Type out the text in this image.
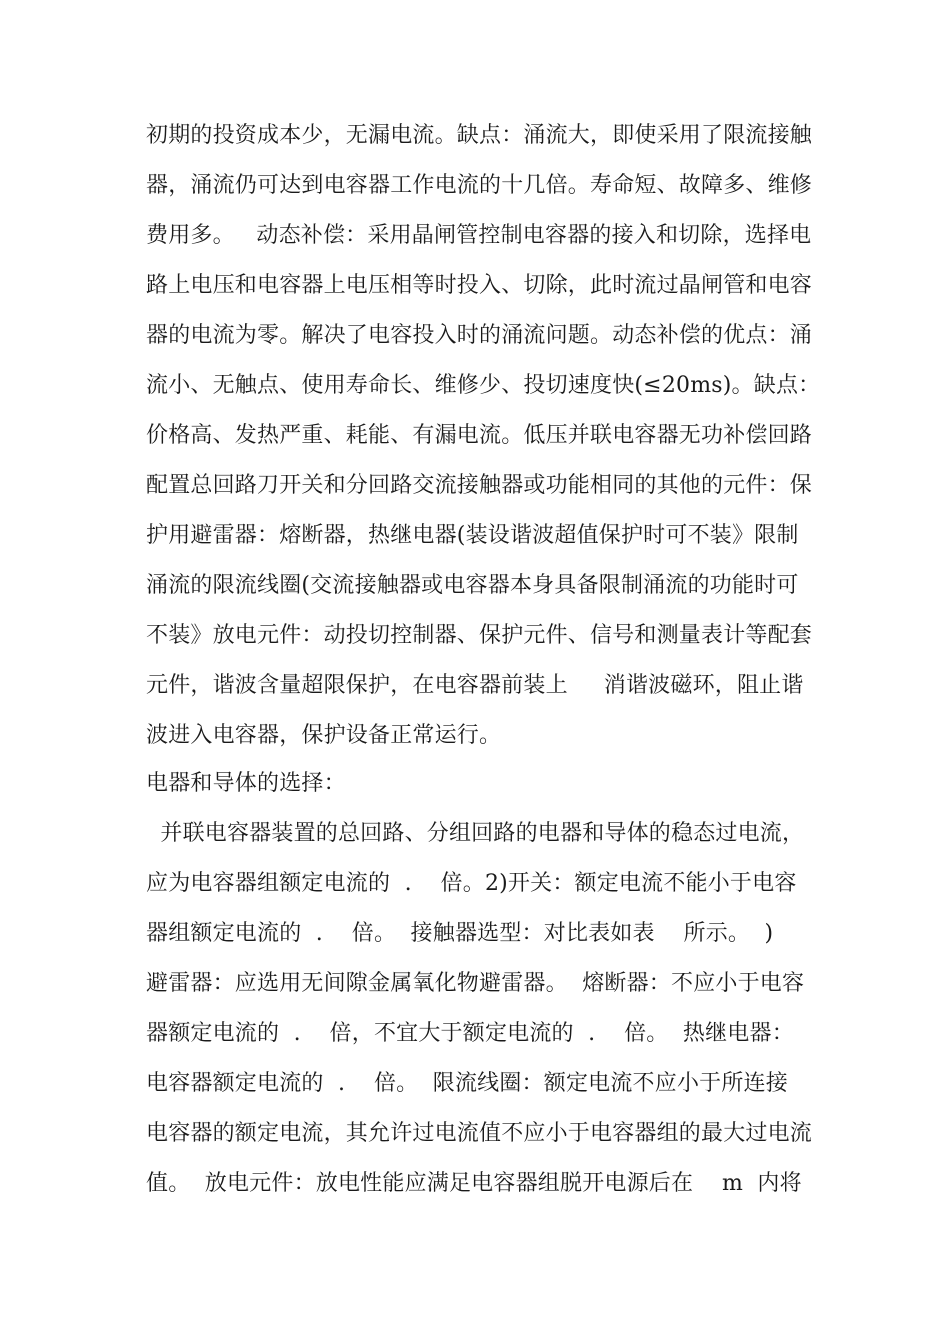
初期的投资成本少，无漏电流。缺点：涌流大，即使采用了限流接触
器，涌流仍可达到电容器工作电流的十几倍。寿命短、故障多、维修
费用多。   动态补偿：采用晶闸管控制电容器的接入和切除，选择电
路上电压和电容器上电压相等时投入、切除，此时流过晶闸管和电容
器的电流为零。解决了电容投入时的涌流问题。动态补偿的优点：涌
流小、无触点、使用寿命长、维修少、投切速度快(≤20ms)。缺点：
价格高、发热严重、耗能、有漏电流。低压并联电容器无功补偿回路
配置总回路刀开关和分回路交流接触器或功能相同的其他的元件：保
护用避雷器：熔断器，热继电器(装设谐波超值保护时可不装》限制
涌流的限流线圈(交流接触器或电容器本身具备限制涌流的功能时可
不装》放电元件：动投切控制器、保护元件、信号和测量表计等配套
元件，谐波含量超限保护，在电容器前装上     消谐波磁环，阻止谐
波进入电容器，保护设备正常运行。
电器和导体的选择：
并联电容器装置的总回路、分组回路的电器和导体的稳态过电流，
应为电容器组额定电流的  .    倍。2)开关：额定电流不能小于电容
器组额定电流的  .    倍。  接触器选型：对比表如表    所示。  )
避雷器：应选用无间隙金属氧化物避雷器。  熔断器：不应小于电容
器额定电流的  .    倍，不宜大于额定电流的  .    倍。  热继电器：
电容器额定电流的  .    倍。  限流线圈：额定电流不应小于所连接
电容器的额定电流，其允许过电流值不应小于电容器组的最大过电流
值。  放电元件：放电性能应满足电容器组脱开电源后在    m  内将
